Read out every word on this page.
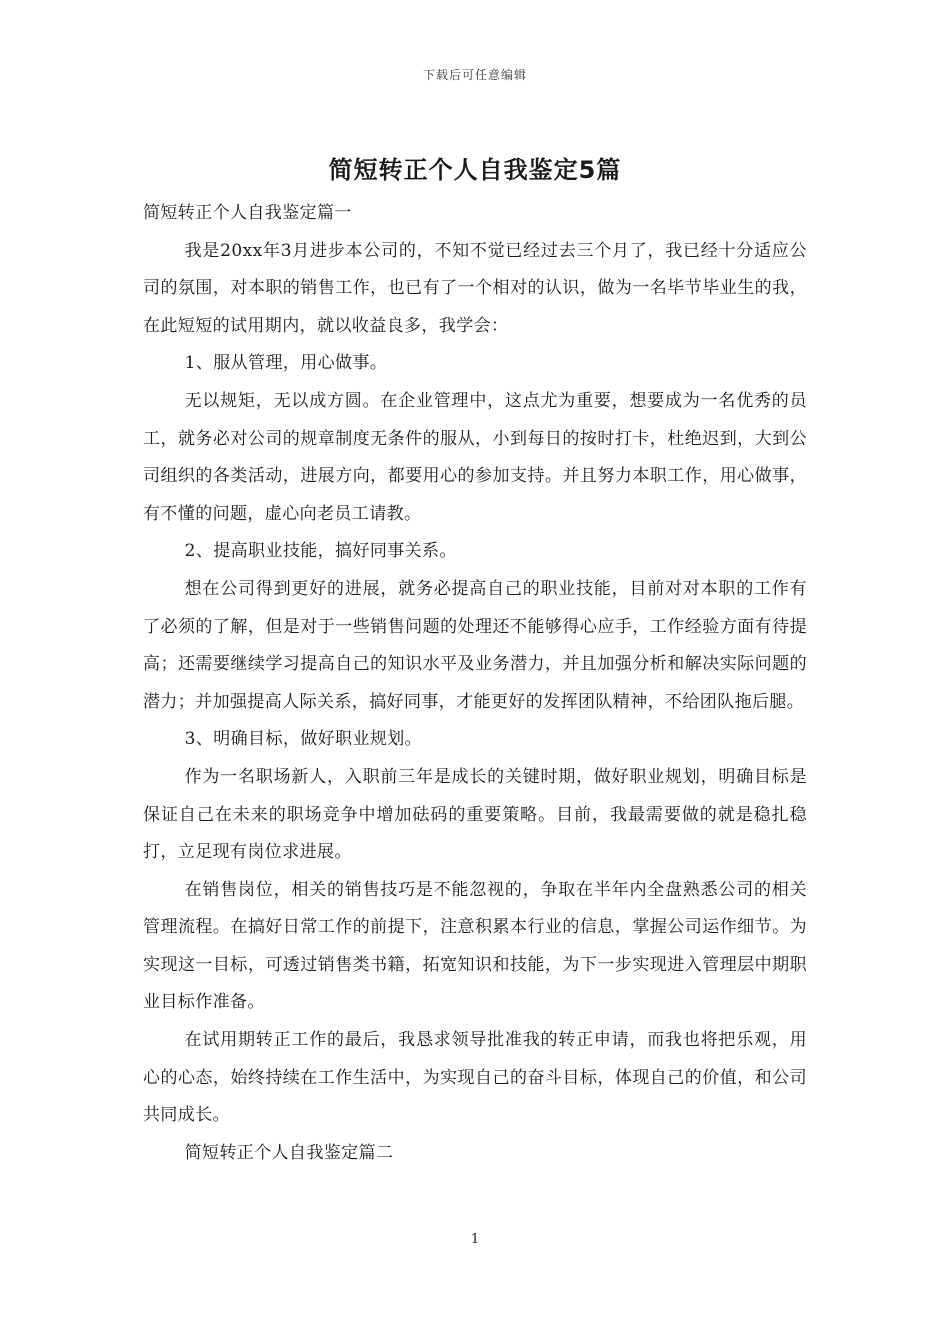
下载后可任意编辑
简短转正个人自我鉴定5篇

简短转正个人自我鉴定篇一

我是20xx年3月进步本公司的，不知不觉已经过去三个月了，我已经十分适应公司的氛围，对本职的销售工作，也已有了一个相对的认识，做为一名毕节毕业生的我，在此短短的试用期内，就以收益良多，我学会：

1、服从管理，用心做事。

无以规矩，无以成方圆。在企业管理中，这点尤为重要，想要成为一名优秀的员工，就务必对公司的规章制度无条件的服从，小到每日的按时打卡，杜绝迟到，大到公司组织的各类活动，进展方向，都要用心的参加支持。并且努力本职工作，用心做事，有不懂的问题，虚心向老员工请教。

2、提高职业技能，搞好同事关系。

想在公司得到更好的进展，就务必提高自己的职业技能，目前对对本职的工作有了必须的了解，但是对于一些销售问题的处理还不能够得心应手，工作经验方面有待提高；还需要继续学习提高自己的知识水平及业务潜力，并且加强分析和解决实际问题的潜力；并加强提高人际关系，搞好同事，才能更好的发挥团队精神，不给团队拖后腿。

3、明确目标，做好职业规划。

作为一名职场新人，入职前三年是成长的关键时期，做好职业规划，明确目标是保证自己在未来的职场竞争中增加砝码的重要策略。目前，我最需要做的就是稳扎稳打，立足现有岗位求进展。

在销售岗位，相关的销售技巧是不能忽视的，争取在半年内全盘熟悉公司的相关管理流程。在搞好日常工作的前提下，注意积累本行业的信息，掌握公司运作细节。为实现这一目标，可透过销售类书籍，拓宽知识和技能，为下一步实现进入管理层中期职业目标作准备。

在试用期转正工作的最后，我恳求领导批准我的转正申请，而我也将把乐观，用心的心态，始终持续在工作生活中，为实现自己的奋斗目标，体现自己的价值，和公司共同成长。

简短转正个人自我鉴定篇二

1
